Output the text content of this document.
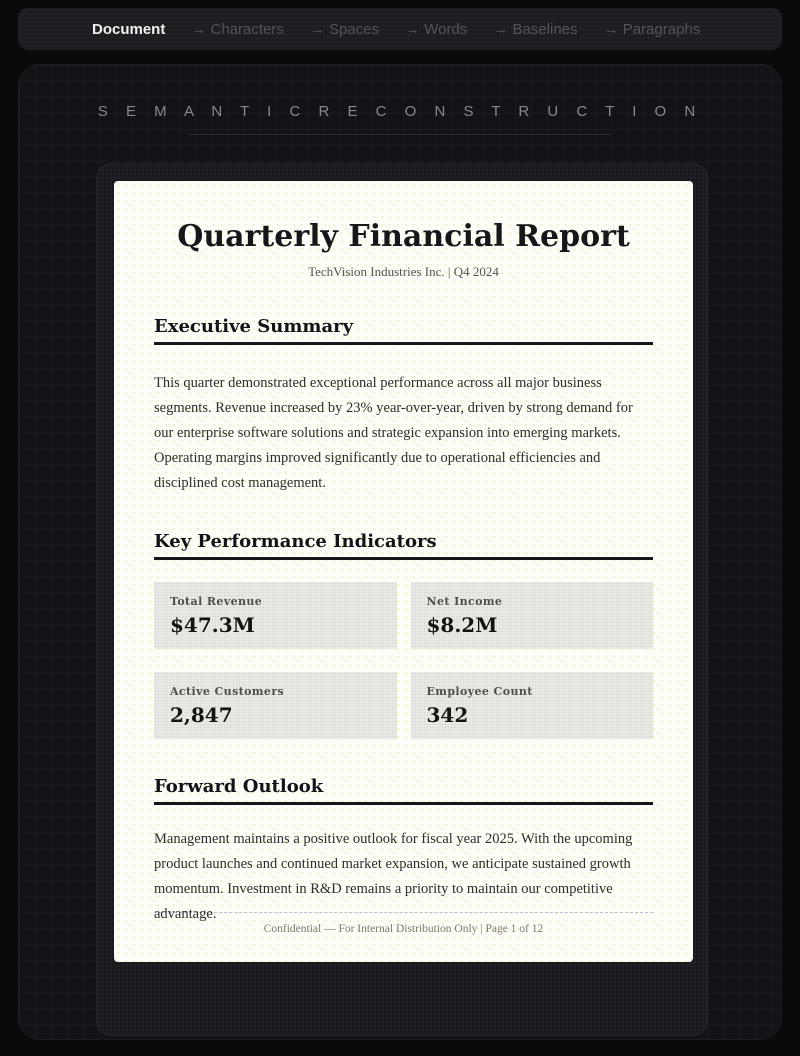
Document → Characters → Spaces → Words → Baselines → Paragraphs
S E M A N T I C R E C O N S T R U C T I O N
Quarterly Financial Report
TechVision Industries Inc. | Q4 2024
Executive Summary

This quarter demonstrated exceptional performance across all major business segments. Revenue increased by 23% year-over-year, driven by strong demand for our enterprise software solutions and strategic expansion into emerging markets. Operating margins improved significantly due to operational efficiencies and disciplined cost management.

Key Performance Indicators
Total Revenue
$47.3M
Net Income
$8.2M
Active Customers
2,847
Employee Count
342
Forward Outlook

Management maintains a positive outlook for fiscal year 2025. With the upcoming product launches and continued market expansion, we anticipate sustained growth momentum. Investment in R&D remains a priority to maintain our competitive advantage.

Confidential — For Internal Distribution Only | Page 1 of 12
